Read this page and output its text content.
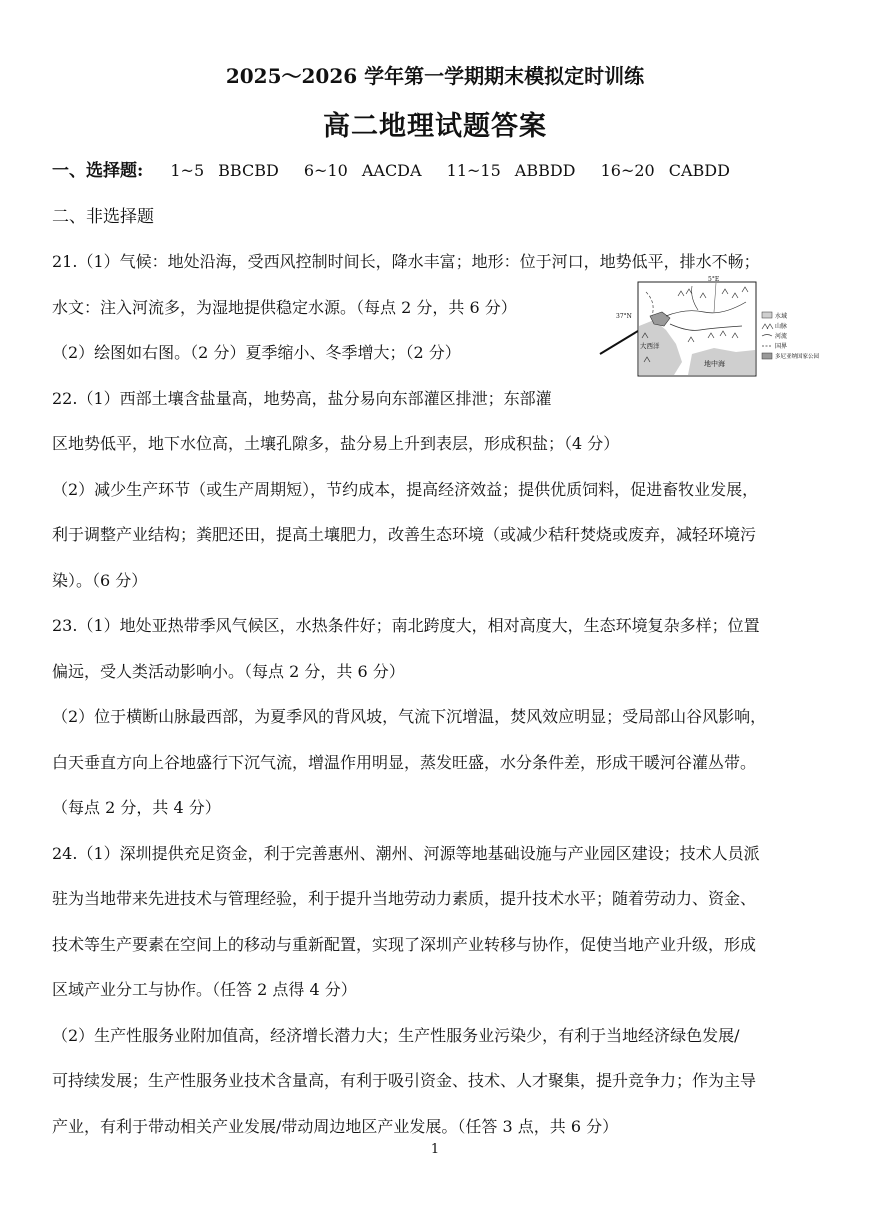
2025～2026 学年第一学期期末模拟定时训练
高二地理试题答案
一、选择题: 1~5 BBCBD 6~10 AACDA 11~15 ABBDD 16~20 CABDD
二、非选择题
21.（1）气候：地处沿海，受西风控制时间长，降水丰富；地形：位于河口，地势低平，排水不畅；
水文：注入河流多，为湿地提供稳定水源。（每点 2 分，共 6 分）
（2）绘图如右图。（2 分）夏季缩小、冬季增大；（2 分）
22.（1）西部土壤含盐量高，地势高，盐分易向东部灌区排泄；东部灌
区地势低平，地下水位高，土壤孔隙多，盐分易上升到表层，形成积盐；（4 分）
（2）减少生产环节（或生产周期短），节约成本，提高经济效益；提供优质饲料，促进畜牧业发展，
利于调整产业结构；粪肥还田，提高土壤肥力，改善生态环境（或减少秸秆焚烧或废弃，减轻环境污
染）。（6 分）
23.（1）地处亚热带季风气候区，水热条件好；南北跨度大，相对高度大，生态环境复杂多样；位置
偏远，受人类活动影响小。（每点 2 分，共 6 分）
（2）位于横断山脉最西部，为夏季风的背风坡，气流下沉增温，焚风效应明显；受局部山谷风影响，
白天垂直方向上谷地盛行下沉气流，增温作用明显，蒸发旺盛，水分条件差，形成干暖河谷灌丛带。
（每点 2 分，共 4 分）
24.（1）深圳提供充足资金，利于完善惠州、潮州、河源等地基础设施与产业园区建设；技术人员派
驻为当地带来先进技术与管理经验，利于提升当地劳动力素质，提升技术水平；随着劳动力、资金、
技术等生产要素在空间上的移动与重新配置，实现了深圳产业转移与协作，促使当地产业升级，形成
区域产业分工与协作。（任答 2 点得 4 分）
（2）生产性服务业附加值高，经济增长潜力大；生产性服务业污染少，有利于当地经济绿色发展/
可持续发展；生产性服务业技术含量高，有利于吸引资金、技术、人才聚集，提升竞争力；作为主导
产业，有利于带动相关产业发展/带动周边地区产业发展。（任答 3 点，共 6 分）
5°E
37°N
大西洋
地中海
水域
山脉
河流
国界
多尼亚纳国家公园
1
